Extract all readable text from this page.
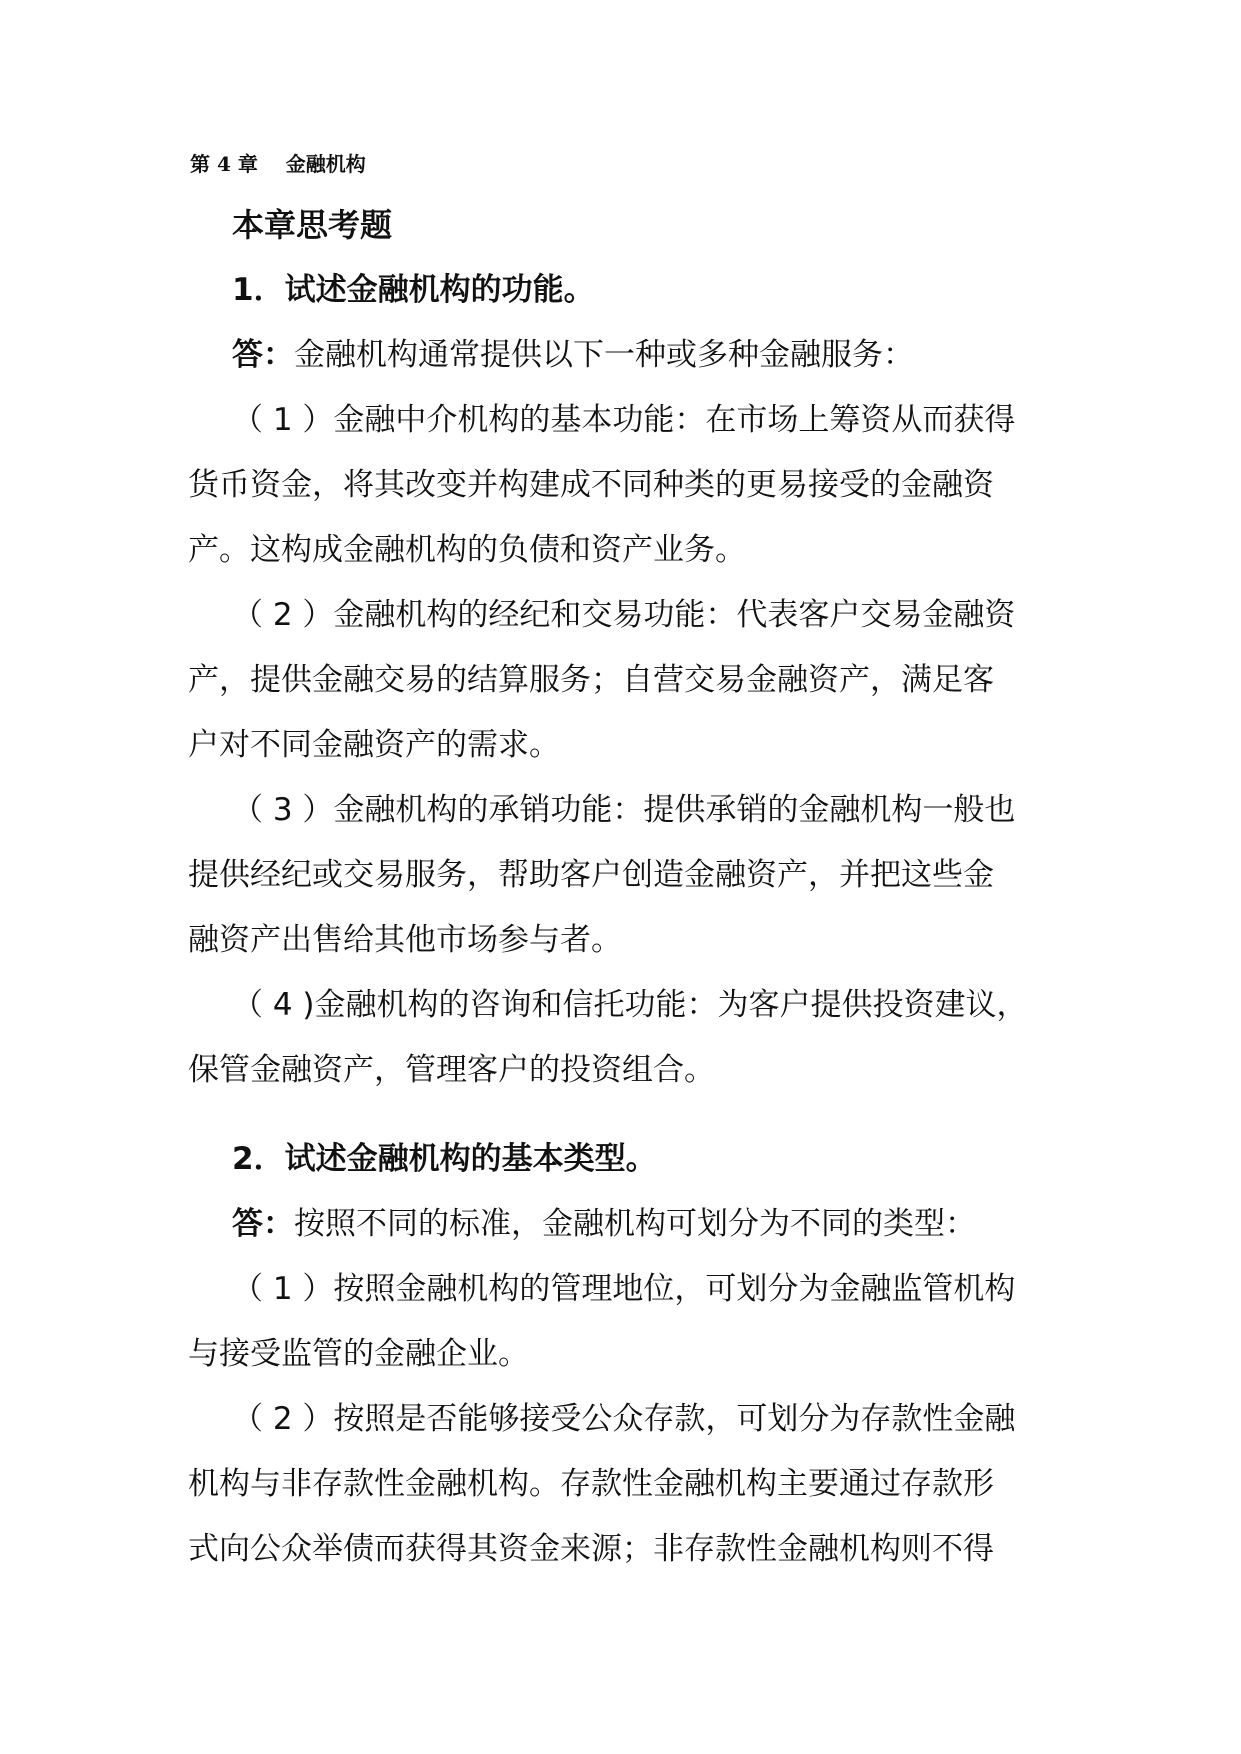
第 4 章    金融机构
本章思考题
1．试述金融机构的功能。
答：金融机构通常提供以下一种或多种金融服务：
（ 1 ）金融中介机构的基本功能：在市场上筹资从而获得
货币资金，将其改变并构建成不同种类的更易接受的金融资
产。这构成金融机构的负债和资产业务。
（ 2 ）金融机构的经纪和交易功能：代表客户交易金融资
产，提供金融交易的结算服务；自营交易金融资产，满足客
户对不同金融资产的需求。
（ 3 ）金融机构的承销功能：提供承销的金融机构一般也
提供经纪或交易服务，帮助客户创造金融资产，并把这些金
融资产出售给其他市场参与者。
（ 4 )金融机构的咨询和信托功能：为客户提供投资建议，
保管金融资产，管理客户的投资组合。
2．试述金融机构的基本类型。
答：按照不同的标准，金融机构可划分为不同的类型：
（ 1 ）按照金融机构的管理地位，可划分为金融监管机构
与接受监管的金融企业。
（ 2 ）按照是否能够接受公众存款，可划分为存款性金融
机构与非存款性金融机构。存款性金融机构主要通过存款形
式向公众举债而获得其资金来源；非存款性金融机构则不得
